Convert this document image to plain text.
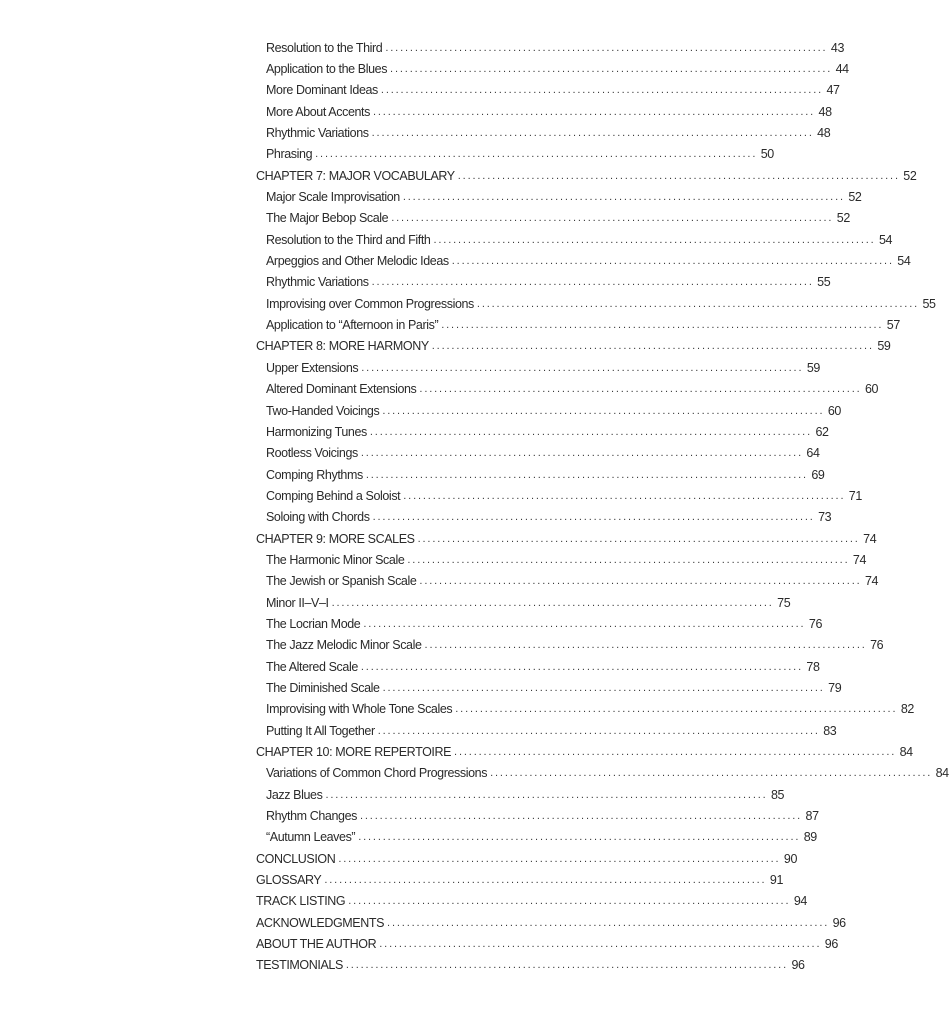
Resolution to the Third . . .	43
Application to the Blues . . .	44
More Dominant Ideas . . .	47
More About Accents . . .	48
Rhythmic Variations . . .	48
Phrasing . . .	50
CHAPTER 7: MAJOR VOCABULARY . . .	52
Major Scale Improvisation . . .	52
The Major Bebop Scale . . .	52
Resolution to the Third and Fifth . . .	54
Arpeggios and Other Melodic Ideas . . .	54
Rhythmic Variations . . .	55
Improvising over Common Progressions . . .	55
Application to “Afternoon in Paris” . . .	57
CHAPTER 8: MORE HARMONY . . .	59
Upper Extensions . . .	59
Altered Dominant Extensions . . .	60
Two-Handed Voicings . . .	60
Harmonizing Tunes . . .	62
Rootless Voicings . . .	64
Comping Rhythms . . .	69
Comping Behind a Soloist . . .	71
Soloing with Chords . . .	73
CHAPTER 9: MORE SCALES . . .	74
The Harmonic Minor Scale . . .	74
The Jewish or Spanish Scale . . .	74
Minor II–V–I . . .	75
The Locrian Mode . . .	76
The Jazz Melodic Minor Scale . . .	76
The Altered Scale . . .	78
The Diminished Scale . . .	79
Improvising with Whole Tone Scales . . .	82
Putting It All Together . . .	83
CHAPTER 10: MORE REPERTOIRE . . .	84
Variations of Common Chord Progressions . . .	84
Jazz Blues . . .	85
Rhythm Changes . . .	87
“Autumn Leaves” . . .	89
CONCLUSION . . .	90
GLOSSARY . . .	91
TRACK LISTING . . .	94
ACKNOWLEDGMENTS . . .	96
ABOUT THE AUTHOR . . .	96
TESTIMONIALS . . .	96
